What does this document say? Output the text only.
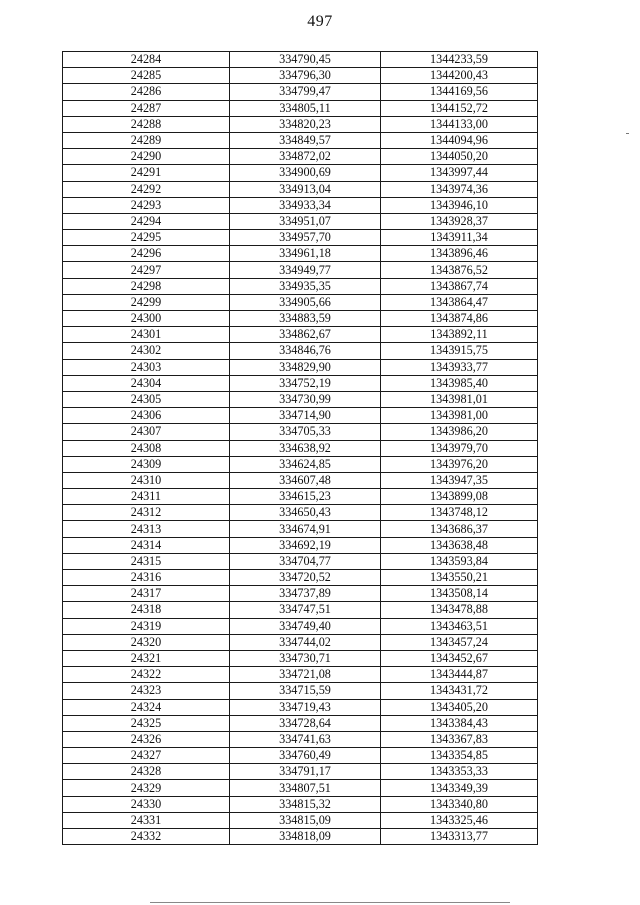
497
24284	334790,45	1344233,59
24285	334796,30	1344200,43
24286	334799,47	1344169,56
24287	334805,11	1344152,72
24288	334820,23	1344133,00
24289	334849,57	1344094,96
24290	334872,02	1344050,20
24291	334900,69	1343997,44
24292	334913,04	1343974,36
24293	334933,34	1343946,10
24294	334951,07	1343928,37
24295	334957,70	1343911,34
24296	334961,18	1343896,46
24297	334949,77	1343876,52
24298	334935,35	1343867,74
24299	334905,66	1343864,47
24300	334883,59	1343874,86
24301	334862,67	1343892,11
24302	334846,76	1343915,75
24303	334829,90	1343933,77
24304	334752,19	1343985,40
24305	334730,99	1343981,01
24306	334714,90	1343981,00
24307	334705,33	1343986,20
24308	334638,92	1343979,70
24309	334624,85	1343976,20
24310	334607,48	1343947,35
24311	334615,23	1343899,08
24312	334650,43	1343748,12
24313	334674,91	1343686,37
24314	334692,19	1343638,48
24315	334704,77	1343593,84
24316	334720,52	1343550,21
24317	334737,89	1343508,14
24318	334747,51	1343478,88
24319	334749,40	1343463,51
24320	334744,02	1343457,24
24321	334730,71	1343452,67
24322	334721,08	1343444,87
24323	334715,59	1343431,72
24324	334719,43	1343405,20
24325	334728,64	1343384,43
24326	334741,63	1343367,83
24327	334760,49	1343354,85
24328	334791,17	1343353,33
24329	334807,51	1343349,39
24330	334815,32	1343340,80
24331	334815,09	1343325,46
24332	334818,09	1343313,77
